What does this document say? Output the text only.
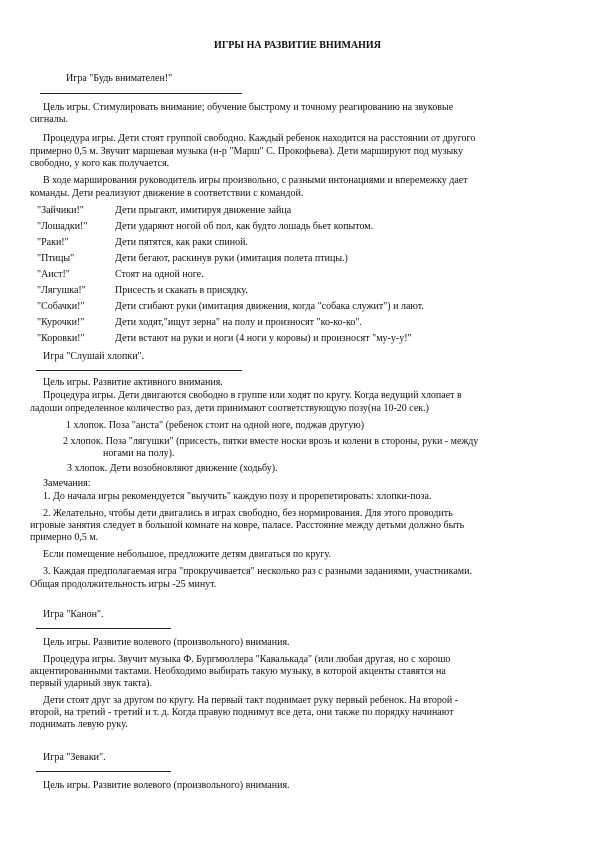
ИГРЫ НА РАЗВИТИЕ ВНИМАНИЯ
Игра "Будь внимателен!"
Цель игры. Стимулировать внимание; обучение быстрому и точному реагированию на звуковые
сигналы.
Процедура игры. Дети стоят группой свободно. Каждый ребенок находится на расстоянии от другого
примерно 0,5 м. Звучит маршевая музыка (н-р "Марш" С. Прокофьева). Дети маршируют под музыку
свободно, у кого как получается.
В ходе марширования руководитель игры произвольно, с разными интонациями и вперемежку дает
команды. Дети реализуют движение в соответствии с командой.
"Зайчики!"	Дети прыгают, имитируя движение зайца
"Лошадки!"	Дети ударяют ногой об пол, как будто лошадь бьет копытом.
"Раки!"	Дети пятятся, как раки спиной.
"Птицы"	Дети бегают, раскинув руки (имитация полета птицы.)
"Аист!"	Стоят на одной ноге.
"Лягушка!"	Присесть и скакать в присядку.
"Собачки!"	Дети сгибают руки (имитация движения, когда "собака служит") и лают.
"Курочки!"	Дети ходят,"ищут зерна" на полу и произносят "ко-ко-ко".
"Коровки!"	Дети встают на руки и ноги (4 ноги у коровы) и произносят "му-у-у!"
Игра "Слушай хлопки".
Цель игры. Развитие активного внимания.
Процедура игры. Дети двигаются свободно в группе или ходят по кругу. Когда ведущий хлопает в
ладоши определенное количество раз, дети принимают соответствующую позу(на 10-20 сек.)
1 хлопок. Поза "аиста" (ребенок стоит на одной ноге, поджав другую)
2 хлопок. Поза "лягушки" (присесть, пятки вместе носки врозь и колени в стороны, руки - между
ногами на полу).
3 хлопок. Дети возобновляют движение (ходьбу).
Замечания:
1. До начала игры рекомендуется "выучить" каждую позу и прорепетировать: хлопки-поза.
2. Желательно, чтобы дети двигались в играх свободно, без нормирования. Для этого проводить
игровые занятия следует в большой комнате на ковре, паласе. Расстояние между детьми должно быть
примерно 0,5 м.
Если помещение небольшое, предложите детям двигаться по кругу.
3. Каждая предполагаемая игра "прокручивается" несколько раз с разными заданиями, участниками.
Общая продолжительность игры -25 минут.
Игра "Канон".
Цель игры. Развитие волевого (произвольного) внимания.
Процедура игры. Звучит музыка Ф. Бургмюллера "Кавалькада" (или любая другая, но с хорошо
акцентированными тактами. Необходимо выбирать такую музыку, в которой акценты ставятся на
первый ударный звук такта).
Дети стоят друг за другом по кругу. На первый такт поднимает руку первый ребенок. На второй -
второй, на третий - третий и т. д. Когда правую поднимут все дета, они также по порядку начинают
поднимать левую руку.
Игра "Зеваки".
Цель игры. Развитие волевого (произвольного) внимания.
